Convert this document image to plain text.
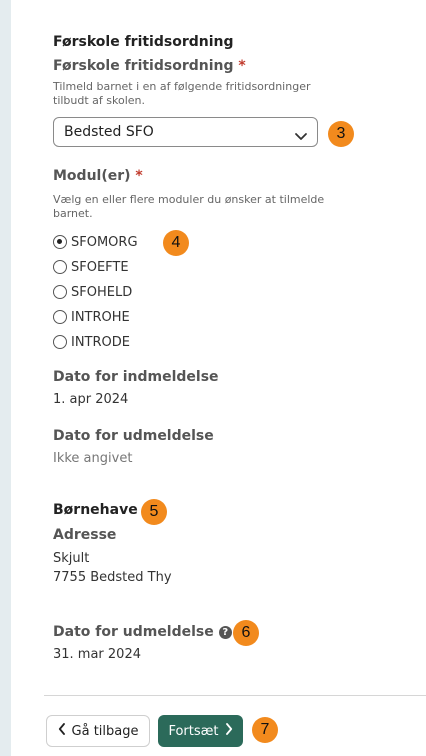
Førskole fritidsordning
Førskole fritidsordning *
Tilmeld barnet i en af følgende fritidsordninger tilbudt af skolen.
Bedsted SFO	3
Modul(er) *
Vælg en eller flere moduler du ønsker at tilmelde barnet.
SFOMORG	4
SFOEFTE
SFOHELD
INTROHE
INTRODE
Dato for indmeldelse
1. apr 2024
Dato for udmeldelse
Ikke angivet
Børnehave 5
Adresse
Skjult
7755 Bedsted Thy
Dato for udmeldelse ? 6
31. mar 2024
Gå tilbage Fortsæt	7
